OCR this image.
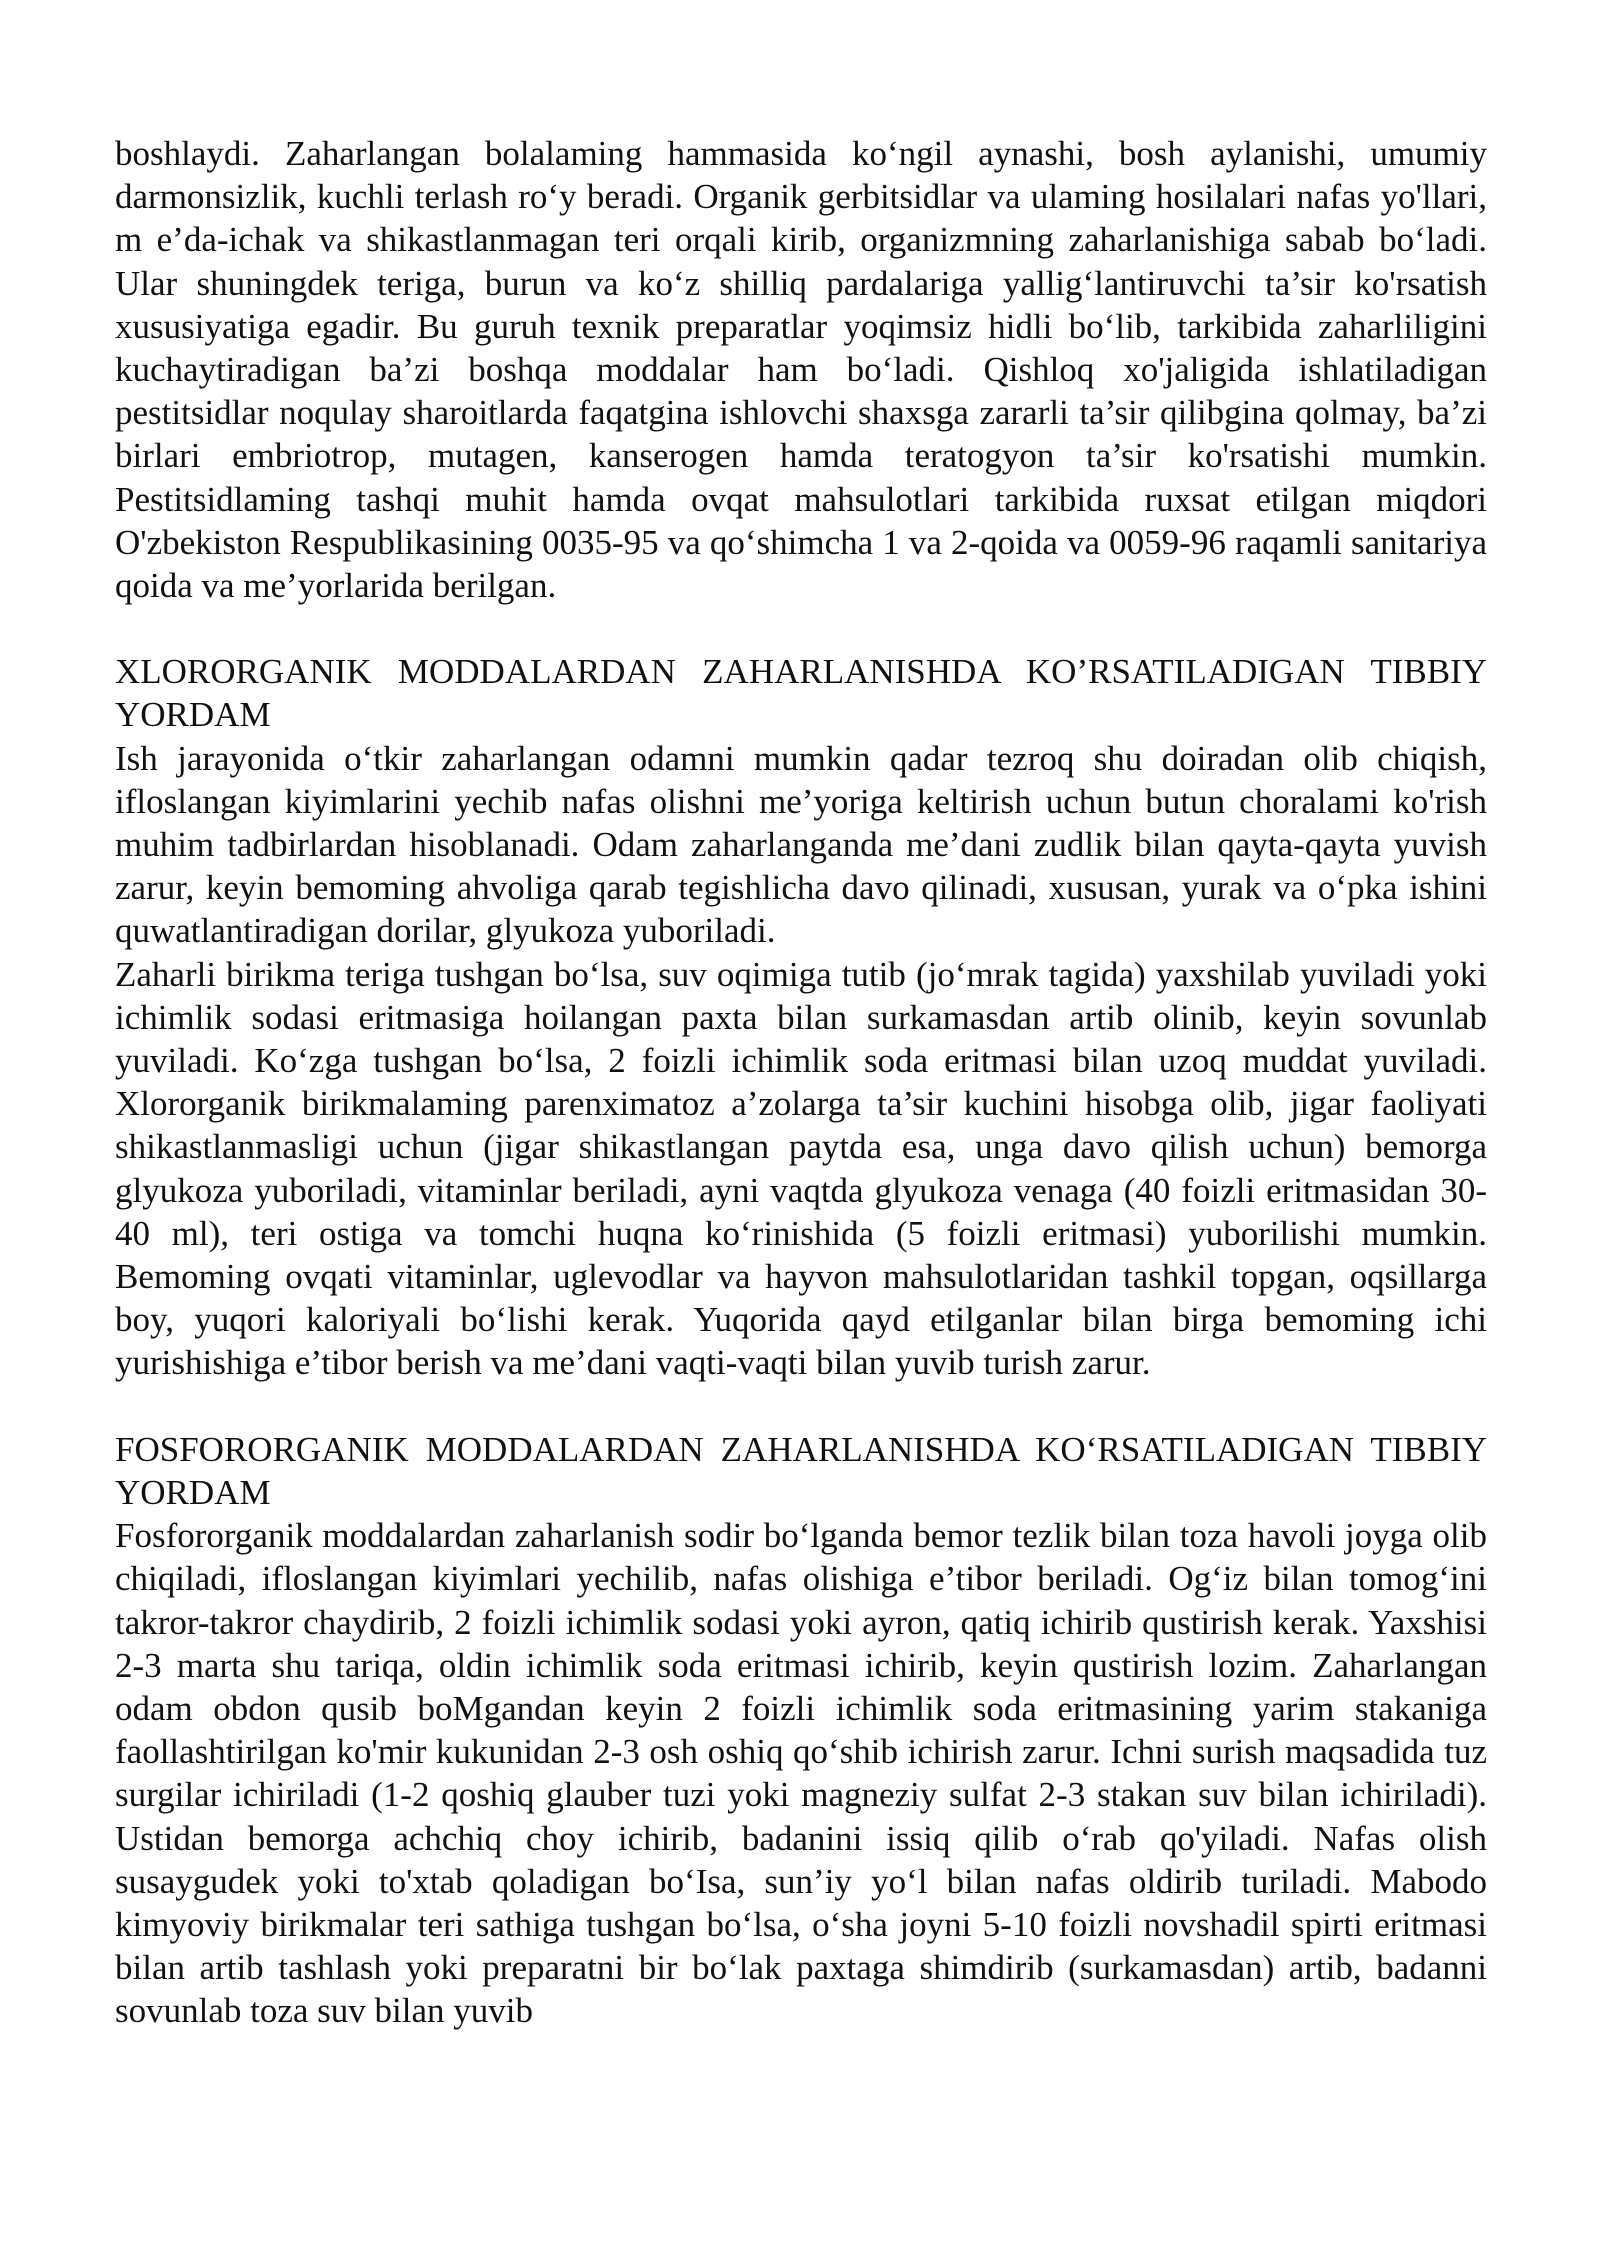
boshlaydi. Zaharlangan bolalaming hammasida ko‘ngil aynashi, bosh aylanishi, umumiy darmonsizlik, kuchli terlash ro‘y beradi. Organik gerbitsidlar va ulaming hosilalari nafas yo'llari, m e’da-ichak va shikastlanmagan teri orqali kirib, organizmning zaharlanishiga sabab bo‘ladi. Ular shuningdek teriga, burun va ko‘z shilliq pardalariga yallig‘lantiruvchi ta’sir ko'rsatish xususiyatiga egadir. Bu guruh texnik preparatlar yoqimsiz hidli bo‘lib, tarkibida zaharliligini kuchaytiradigan ba’zi boshqa moddalar ham bo‘ladi. Qishloq xo'jaligida ishlatiladigan pestitsidlar noqulay sharoitlarda faqatgina ishlovchi shaxsga zararli ta’sir qilibgina qolmay, ba’zi birlari embriotrop, mutagen, kanserogen hamda teratogyon ta’sir ko'rsatishi mumkin. Pestitsidlaming tashqi muhit hamda ovqat mahsulotlari tarkibida ruxsat etilgan miqdori O'zbekiston Respublikasining 0035-95 va qo‘shimcha 1 va 2-qoida va 0059-96 raqamli sanitariya qoida va me’yorlarida berilgan.

XLORORGANIK MODDALARDAN ZAHARLANISHDA KO’RSATILADIGAN TIBBIY YORDAM

Ish jarayonida o‘tkir zaharlangan odamni mumkin qadar tezroq shu doiradan olib chiqish, ifloslangan kiyimlarini yechib nafas olishni me’yoriga keltirish uchun butun choralami ko'rish muhim tadbirlardan hisoblanadi. Odam zaharlanganda me’dani zudlik bilan qayta-qayta yuvish zarur, keyin bemoming ahvoliga qarab tegishlicha davo qilinadi, xususan, yurak va o‘pka ishini quwatlantiradigan dorilar, glyukoza yuboriladi.

Zaharli birikma teriga tushgan bo‘lsa, suv oqimiga tutib (jo‘mrak tagida) yaxshilab yuviladi yoki ichimlik sodasi eritmasiga hoilangan paxta bilan surkamasdan artib olinib, keyin sovunlab yuviladi. Ko‘zga tushgan bo‘lsa, 2 foizli ichimlik soda eritmasi bilan uzoq muddat yuviladi. Xlororganik birikmalaming parenximatoz a’zolarga ta’sir kuchini hisobga olib, jigar faoliyati shikastlanmasligi uchun (jigar shikastlangan paytda esa, unga davo qilish uchun) bemorga glyukoza yuboriladi, vitaminlar beriladi, ayni vaqtda glyukoza venaga (40 foizli eritmasidan 30-40 ml), teri ostiga va tomchi huqna ko‘rinishida (5 foizli eritmasi) yuborilishi mumkin. Bemoming ovqati vitaminlar, uglevodlar va hayvon mahsulotlaridan tashkil topgan, oqsillarga boy, yuqori kaloriyali bo‘lishi kerak. Yuqorida qayd etilganlar bilan birga bemoming ichi yurishishiga e’tibor berish va me’dani vaqti-vaqti bilan yuvib turish zarur.

FOSFORORGANIK MODDALARDAN ZAHARLANISHDA KO‘RSATILADIGAN TIBBIY YORDAM

Fosfororganik moddalardan zaharlanish sodir bo‘lganda bemor tezlik bilan toza havoli joyga olib chiqiladi, ifloslangan kiyimlari yechilib, nafas olishiga e’tibor beriladi. Og‘iz bilan tomog‘ini takror-takror chaydirib, 2 foizli ichimlik sodasi yoki ayron, qatiq ichirib qustirish kerak. Yaxshisi 2-3 marta shu tariqa, oldin ichimlik soda eritmasi ichirib, keyin qustirish lozim. Zaharlangan odam obdon qusib boMgandan keyin 2 foizli ichimlik soda eritmasining yarim stakaniga faollashtirilgan ko'mir kukunidan 2-3 osh oshiq qo‘shib ichirish zarur. Ichni surish maqsadida tuz surgilar ichiriladi (1-2 qoshiq glauber tuzi yoki magneziy sulfat 2-3 stakan suv bilan ichiriladi). Ustidan bemorga achchiq choy ichirib, badanini issiq qilib o‘rab qo'yiladi. Nafas olish susaygudek yoki to'xtab qoladigan bo‘Isa, sun’iy yo‘l bilan nafas oldirib turiladi. Mabodo kimyoviy birikmalar teri sathiga tushgan bo‘lsa, o‘sha joyni 5-10 foizli novshadil spirti eritmasi bilan artib tashlash yoki preparatni bir bo‘lak paxtaga shimdirib (surkamasdan) artib, badanni sovunlab toza suv bilan yuvib
